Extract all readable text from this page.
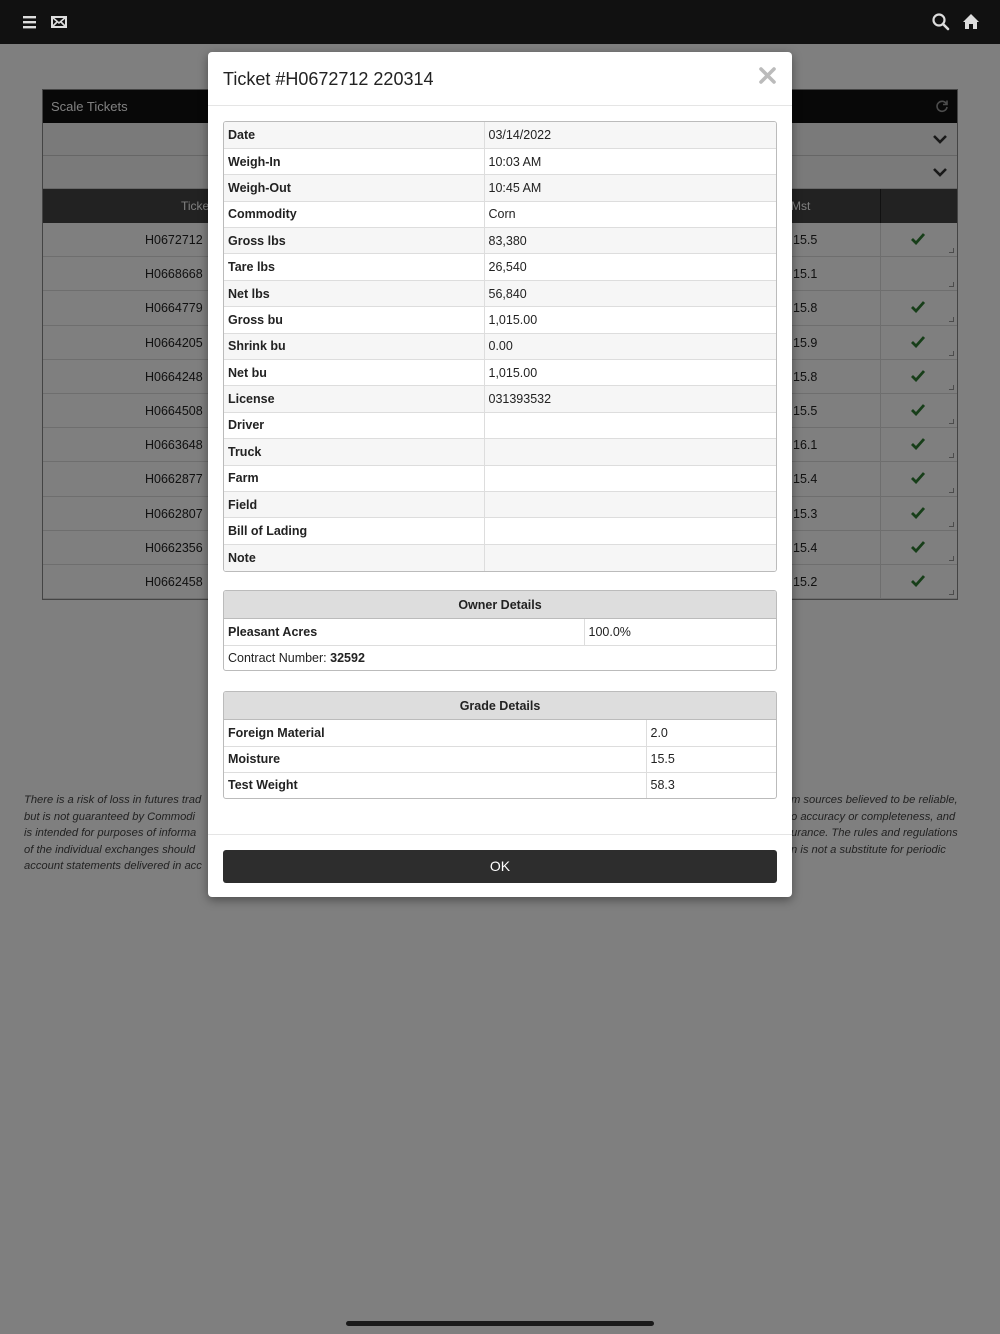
Ticket #H0672712 220314
Date	03/14/2022
Weigh-In	10:03 AM
Weigh-Out	10:45 AM
Commodity	Corn
Gross lbs	83,380
Tare lbs	26,540
Net lbs	56,840
Gross bu	1,015.00
Shrink bu	0.00
Net bu	1,015.00
License	031393532
Driver	
Truck	
Farm	
Field	
Bill of Lading	
Note	
Owner Details
Pleasant Acres	100.0%
Contract Number: 32592
Grade Details
Foreign Material	2.0
Moisture	15.5
Test Weight	58.3
OK
